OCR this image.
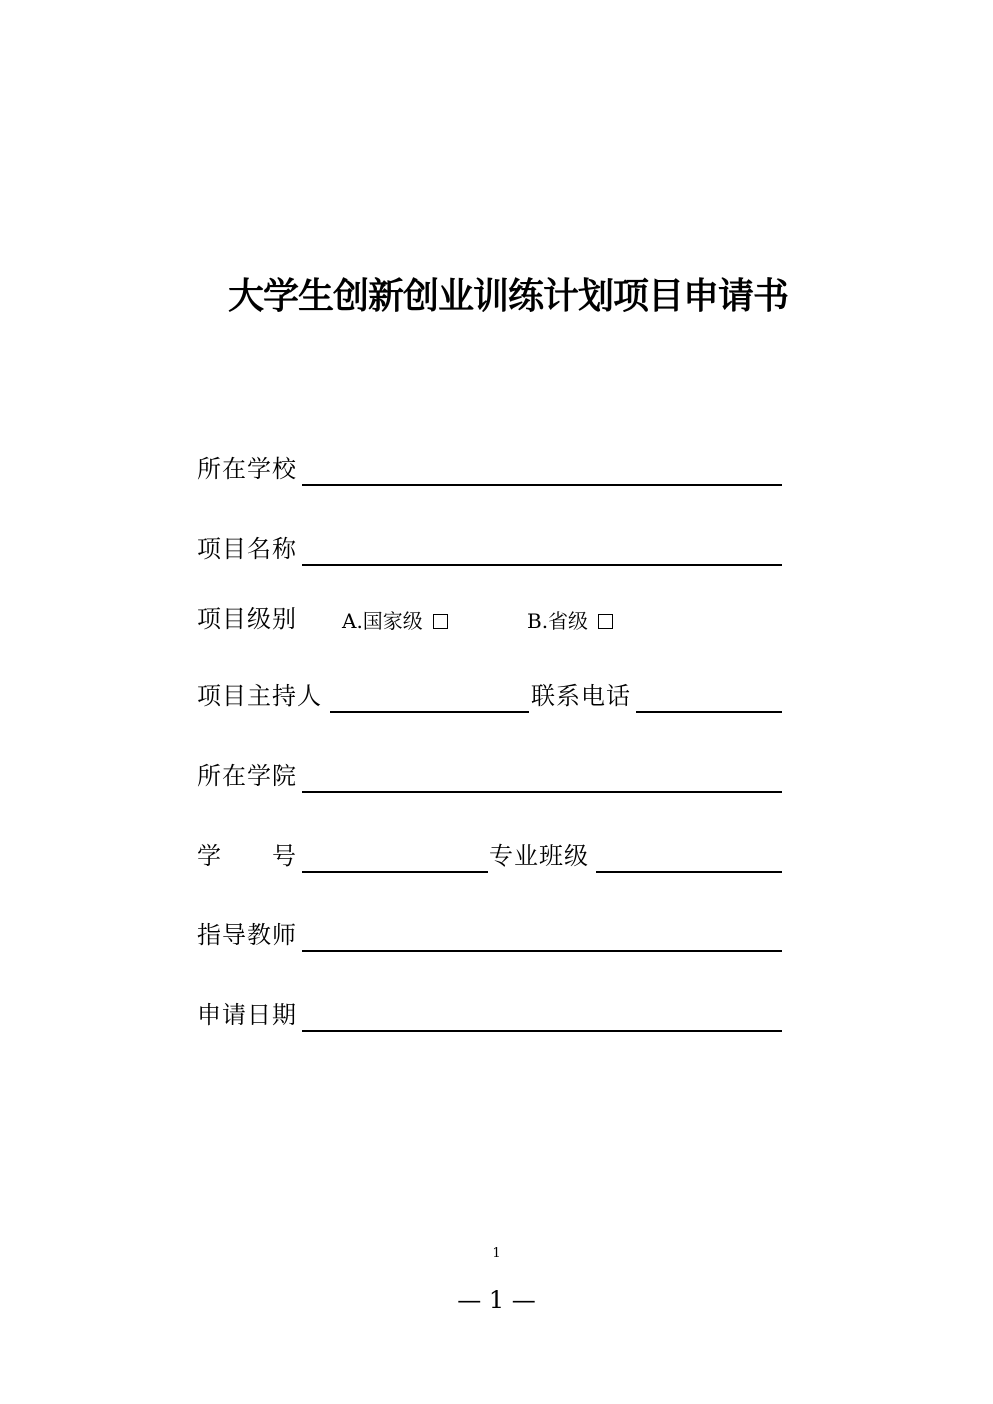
大学生创新创业训练计划项目申请书
所在学校
项目名称
项目级别 A.国家级	B.省级
项目主持人	联系电话
所在学院
学　　号	专业班级
指导教师
申请日期
1
— 1 —
